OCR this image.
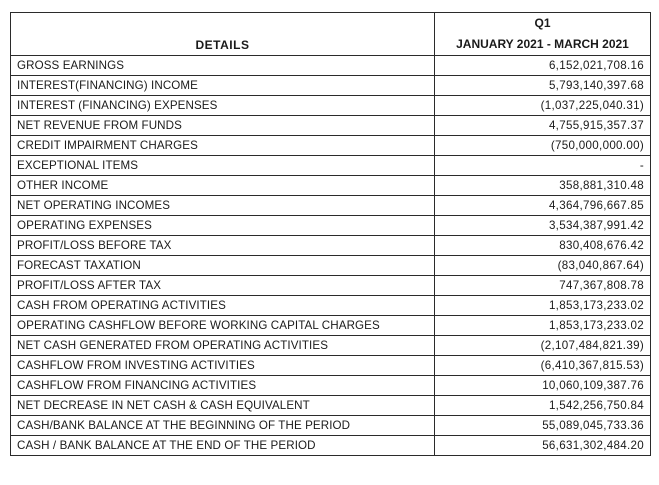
DETAILS	Q1
	JANUARY 2021 - MARCH 2021
GROSS EARNINGS	6,152,021,708.16
INTEREST(FINANCING) INCOME	5,793,140,397.68
INTEREST (FINANCING) EXPENSES	(1,037,225,040.31)
NET REVENUE FROM FUNDS	4,755,915,357.37
CREDIT IMPAIRMENT CHARGES	(750,000,000.00)
EXCEPTIONAL ITEMS	-
OTHER INCOME	358,881,310.48
NET OPERATING INCOMES	4,364,796,667.85
OPERATING EXPENSES	3,534,387,991.42
PROFIT/LOSS BEFORE TAX	830,408,676.42
FORECAST TAXATION	(83,040,867.64)
PROFIT/LOSS AFTER TAX	747,367,808.78
CASH FROM OPERATING ACTIVITIES	1,853,173,233.02
OPERATING CASHFLOW BEFORE WORKING CAPITAL CHARGES	1,853,173,233.02
NET CASH GENERATED FROM OPERATING ACTIVITIES	(2,107,484,821.39)
CASHFLOW FROM INVESTING ACTIVITIES	(6,410,367,815.53)
CASHFLOW FROM FINANCING ACTIVITIES	10,060,109,387.76
NET DECREASE IN NET CASH & CASH EQUIVALENT	1,542,256,750.84
CASH/BANK BALANCE AT THE BEGINNING OF THE PERIOD	55,089,045,733.36
CASH / BANK BALANCE AT THE END OF THE PERIOD	56,631,302,484.20
